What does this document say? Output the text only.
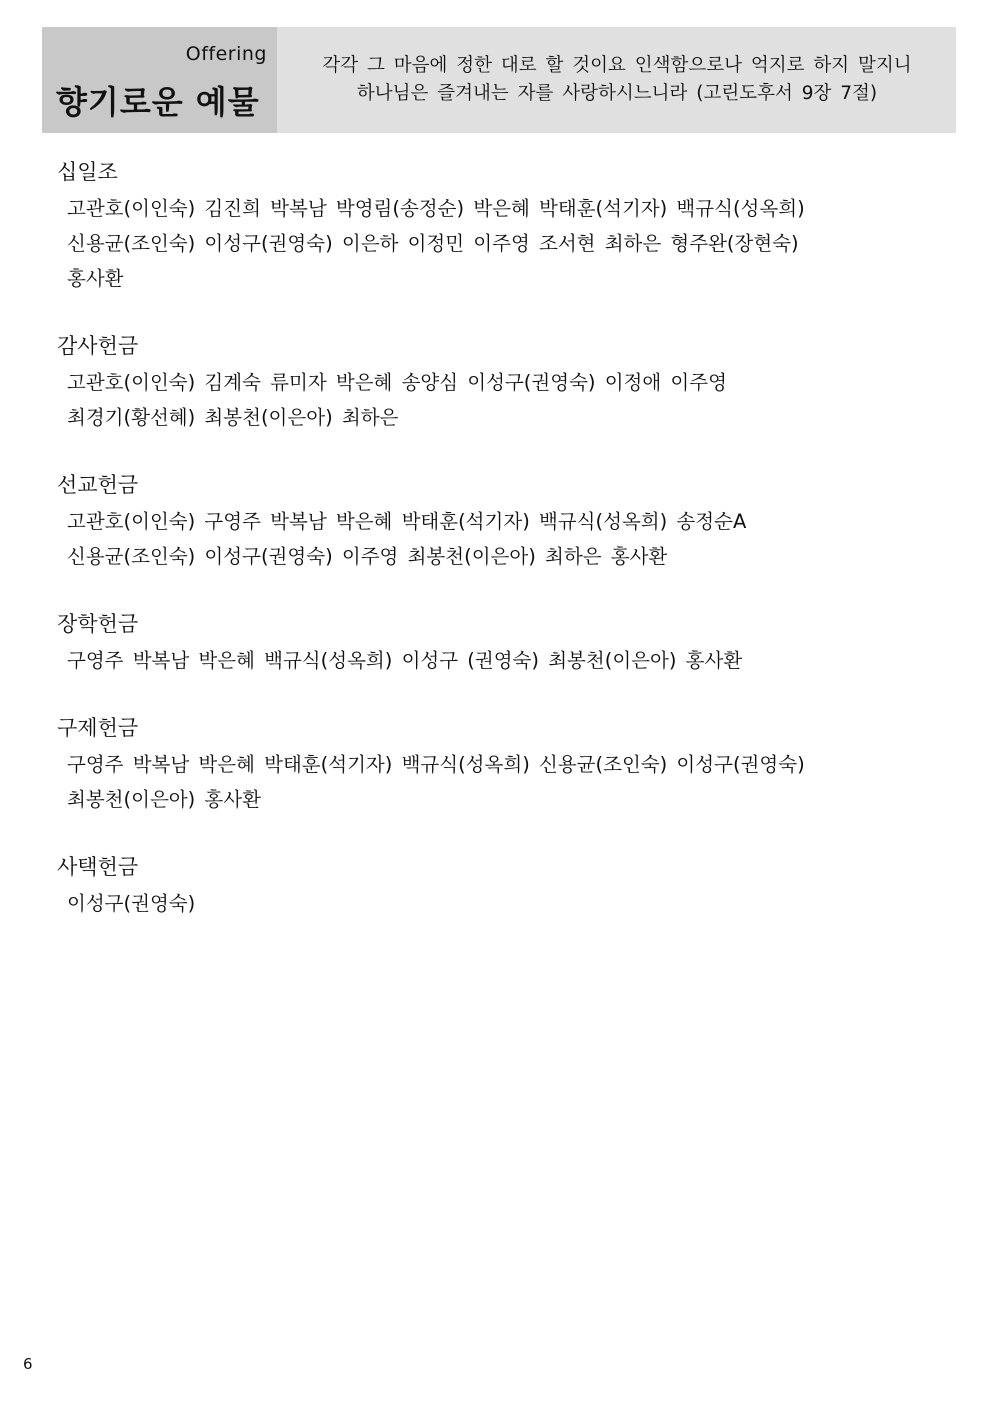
Offering
향기로운 예물
각각 그 마음에 정한 대로 할 것이요 인색함으로나 억지로 하지 말지니
하나님은 즐겨내는 자를 사랑하시느니라 (고린도후서 9장 7절)
십일조
고관호(이인숙) 김진희 박복남 박영림(송정순) 박은혜 박태훈(석기자) 백규식(성옥희)
신용균(조인숙) 이성구(권영숙) 이은하 이정민 이주영 조서현 최하은 형주완(장현숙)
홍사환
감사헌금
고관호(이인숙) 김계숙 류미자 박은혜 송양심 이성구(권영숙) 이정애 이주영
최경기(황선혜) 최봉천(이은아) 최하은
선교헌금
고관호(이인숙) 구영주 박복남 박은혜 박태훈(석기자) 백규식(성옥희) 송정순A
신용균(조인숙) 이성구(권영숙) 이주영 최봉천(이은아) 최하은 홍사환
장학헌금
구영주 박복남 박은혜 백규식(성옥희) 이성구 (권영숙) 최봉천(이은아) 홍사환
구제헌금
구영주 박복남 박은혜 박태훈(석기자) 백규식(성옥희) 신용균(조인숙) 이성구(권영숙)
최봉천(이은아) 홍사환
사택헌금
이성구(권영숙)
6
